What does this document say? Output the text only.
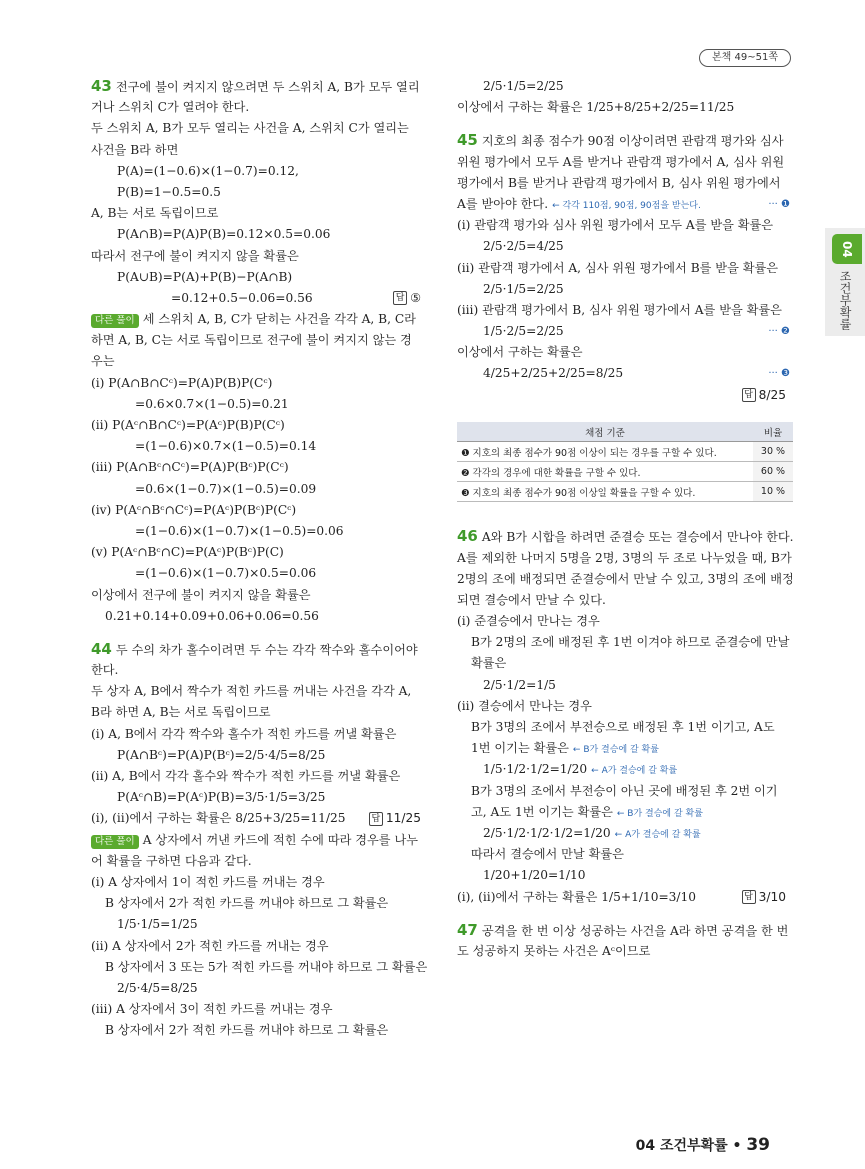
본책 49~51쪽
04
조건부확률
43 전구에 불이 켜지지 않으려면 두 스위치 A, B가 모두 열리
거나 스위치 C가 열려야 한다.
두 스위치 A, B가 모두 열리는 사건을 A, 스위치 C가 열리는
사건을 B라 하면
P(A)=(1−0.6)×(1−0.7)=0.12,
P(B)=1−0.5=0.5
A, B는 서로 독립이므로
P(A∩B)=P(A)P(B)=0.12×0.5=0.06
따라서 전구에 불이 켜지지 않을 확률은
P(A∪B)=P(A)+P(B)−P(A∩B)
=0.12+0.5−0.06=0.56	답 ⑤
다른 풀이 세 스위치 A, B, C가 닫히는 사건을 각각 A, B, C라
하면 A, B, C는 서로 독립이므로 전구에 불이 켜지지 않는 경
우는
(ⅰ) P(A∩B∩Cᶜ)=P(A)P(B)P(Cᶜ)
=0.6×0.7×(1−0.5)=0.21
(ⅱ) P(Aᶜ∩B∩Cᶜ)=P(Aᶜ)P(B)P(Cᶜ)
=(1−0.6)×0.7×(1−0.5)=0.14
(ⅲ) P(A∩Bᶜ∩Cᶜ)=P(A)P(Bᶜ)P(Cᶜ)
=0.6×(1−0.7)×(1−0.5)=0.09
(ⅳ) P(Aᶜ∩Bᶜ∩Cᶜ)=P(Aᶜ)P(Bᶜ)P(Cᶜ)
=(1−0.6)×(1−0.7)×(1−0.5)=0.06
(ⅴ) P(Aᶜ∩Bᶜ∩C)=P(Aᶜ)P(Bᶜ)P(C)
=(1−0.6)×(1−0.7)×0.5=0.06
이상에서 전구에 불이 켜지지 않을 확률은
0.21+0.14+0.09+0.06+0.06=0.56
44 두 수의 차가 홀수이려면 두 수는 각각 짝수와 홀수이어야
한다.
두 상자 A, B에서 짝수가 적힌 카드를 꺼내는 사건을 각각 A,
B라 하면 A, B는 서로 독립이므로
(ⅰ) A, B에서 각각 짝수와 홀수가 적힌 카드를 꺼낼 확률은
P(A∩Bᶜ)=P(A)P(Bᶜ)=2/5·4/5=8/25
(ⅱ) A, B에서 각각 홀수와 짝수가 적힌 카드를 꺼낼 확률은
P(Aᶜ∩B)=P(Aᶜ)P(B)=3/5·1/5=3/25
(ⅰ), (ⅱ)에서 구하는 확률은 8/25+3/25=11/25	답 11/25
다른 풀이 A 상자에서 꺼낸 카드에 적힌 수에 따라 경우를 나누
어 확률을 구하면 다음과 같다.
(ⅰ) A 상자에서 1이 적힌 카드를 꺼내는 경우
B 상자에서 2가 적힌 카드를 꺼내야 하므로 그 확률은
1/5·1/5=1/25
(ⅱ) A 상자에서 2가 적힌 카드를 꺼내는 경우
B 상자에서 3 또는 5가 적힌 카드를 꺼내야 하므로 그 확률은
2/5·4/5=8/25
(ⅲ) A 상자에서 3이 적힌 카드를 꺼내는 경우
B 상자에서 2가 적힌 카드를 꺼내야 하므로 그 확률은
2/5·1/5=2/25
이상에서 구하는 확률은 1/25+8/25+2/25=11/25
45 지호의 최종 점수가 90점 이상이려면 관람객 평가와 심사
위원 평가에서 모두 A를 받거나 관람객 평가에서 A, 심사 위원
평가에서 B를 받거나 관람객 평가에서 B, 심사 위원 평가에서
A를 받아야 한다. ← 각각 110점, 90점, 90점을 받는다.	··· ❶
(ⅰ) 관람객 평가와 심사 위원 평가에서 모두 A를 받을 확률은
2/5·2/5=4/25
(ⅱ) 관람객 평가에서 A, 심사 위원 평가에서 B를 받을 확률은
2/5·1/5=2/25
(ⅲ) 관람객 평가에서 B, 심사 위원 평가에서 A를 받을 확률은
1/5·2/5=2/25	··· ❷
이상에서 구하는 확률은
4/25+2/25+2/25=8/25	··· ❸
답 8/25
채점 기준	비율
❶ 지호의 최종 점수가 90점 이상이 되는 경우를 구할 수 있다.	30 %
❷ 각각의 경우에 대한 확률을 구할 수 있다.	60 %
❸ 지호의 최종 점수가 90점 이상일 확률을 구할 수 있다.	10 %
46 A와 B가 시합을 하려면 준결승 또는 결승에서 만나야 한다.
A를 제외한 나머지 5명을 2명, 3명의 두 조로 나누었을 때, B가
2명의 조에 배정되면 준결승에서 만날 수 있고, 3명의 조에 배정
되면 결승에서 만날 수 있다.
(ⅰ) 준결승에서 만나는 경우
B가 2명의 조에 배정된 후 1번 이겨야 하므로 준결승에 만날
확률은
2/5·1/2=1/5
(ⅱ) 결승에서 만나는 경우
B가 3명의 조에서 부전승으로 배정된 후 1번 이기고, A도
1번 이기는 확률은 ← B가 결승에 갈 확률
1/5·1/2·1/2=1/20 ← A가 결승에 갈 확률
B가 3명의 조에서 부전승이 아닌 곳에 배정된 후 2번 이기
고, A도 1번 이기는 확률은 ← B가 결승에 갈 확률
2/5·1/2·1/2·1/2=1/20 ← A가 결승에 갈 확률
따라서 결승에서 만날 확률은
1/20+1/20=1/10
(ⅰ), (ⅱ)에서 구하는 확률은 1/5+1/10=3/10	답 3/10
47 공격을 한 번 이상 성공하는 사건을 A라 하면 공격을 한 번
도 성공하지 못하는 사건은 Aᶜ이므로
04 조건부확률 • 39
